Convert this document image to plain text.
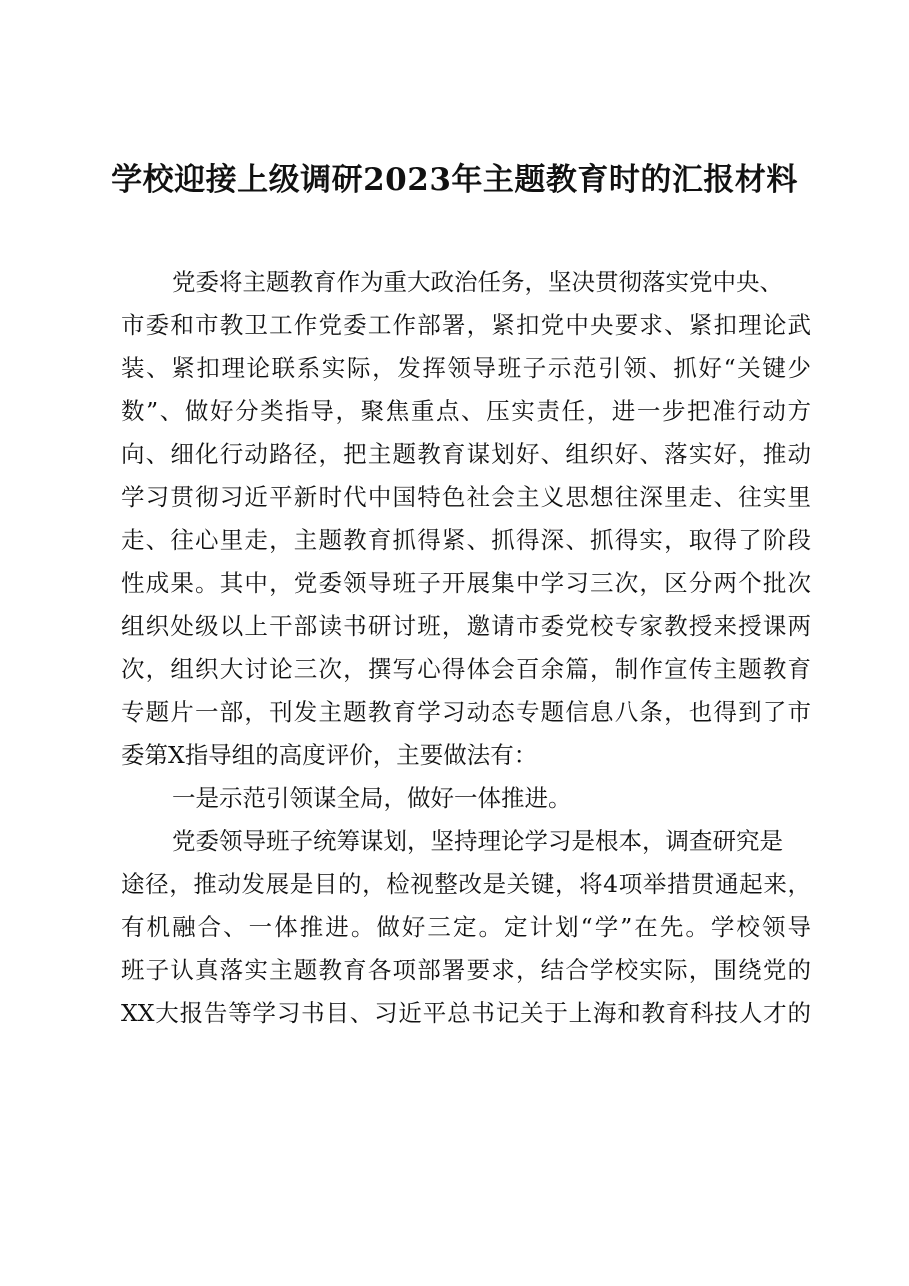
学校迎接上级调研2023年主题教育时的汇报材料
党委将主题教育作为重大政治任务，坚决贯彻落实党中央、
市委和市教卫工作党委工作部署，紧扣党中央要求、紧扣理论武
装、紧扣理论联系实际，发挥领导班子示范引领、抓好“关键少
数”、做好分类指导，聚焦重点、压实责任，进一步把准行动方
向、细化行动路径，把主题教育谋划好、组织好、落实好，推动
学习贯彻习近平新时代中国特色社会主义思想往深里走、往实里
走、往心里走，主题教育抓得紧、抓得深、抓得实，取得了阶段
性成果。其中，党委领导班子开展集中学习三次，区分两个批次
组织处级以上干部读书研讨班，邀请市委党校专家教授来授课两
次，组织大讨论三次，撰写心得体会百余篇，制作宣传主题教育
专题片一部，刊发主题教育学习动态专题信息八条，也得到了市
委第X指导组的高度评价，主要做法有：
一是示范引领谋全局，做好一体推进。
党委领导班子统筹谋划，坚持理论学习是根本，调查研究是
途径，推动发展是目的，检视整改是关键，将4项举措贯通起来，
有机融合、一体推进。做好三定。定计划“学”在先。学校领导
班子认真落实主题教育各项部署要求，结合学校实际，围绕党的
XX大报告等学习书目、习近平总书记关于上海和教育科技人才的
